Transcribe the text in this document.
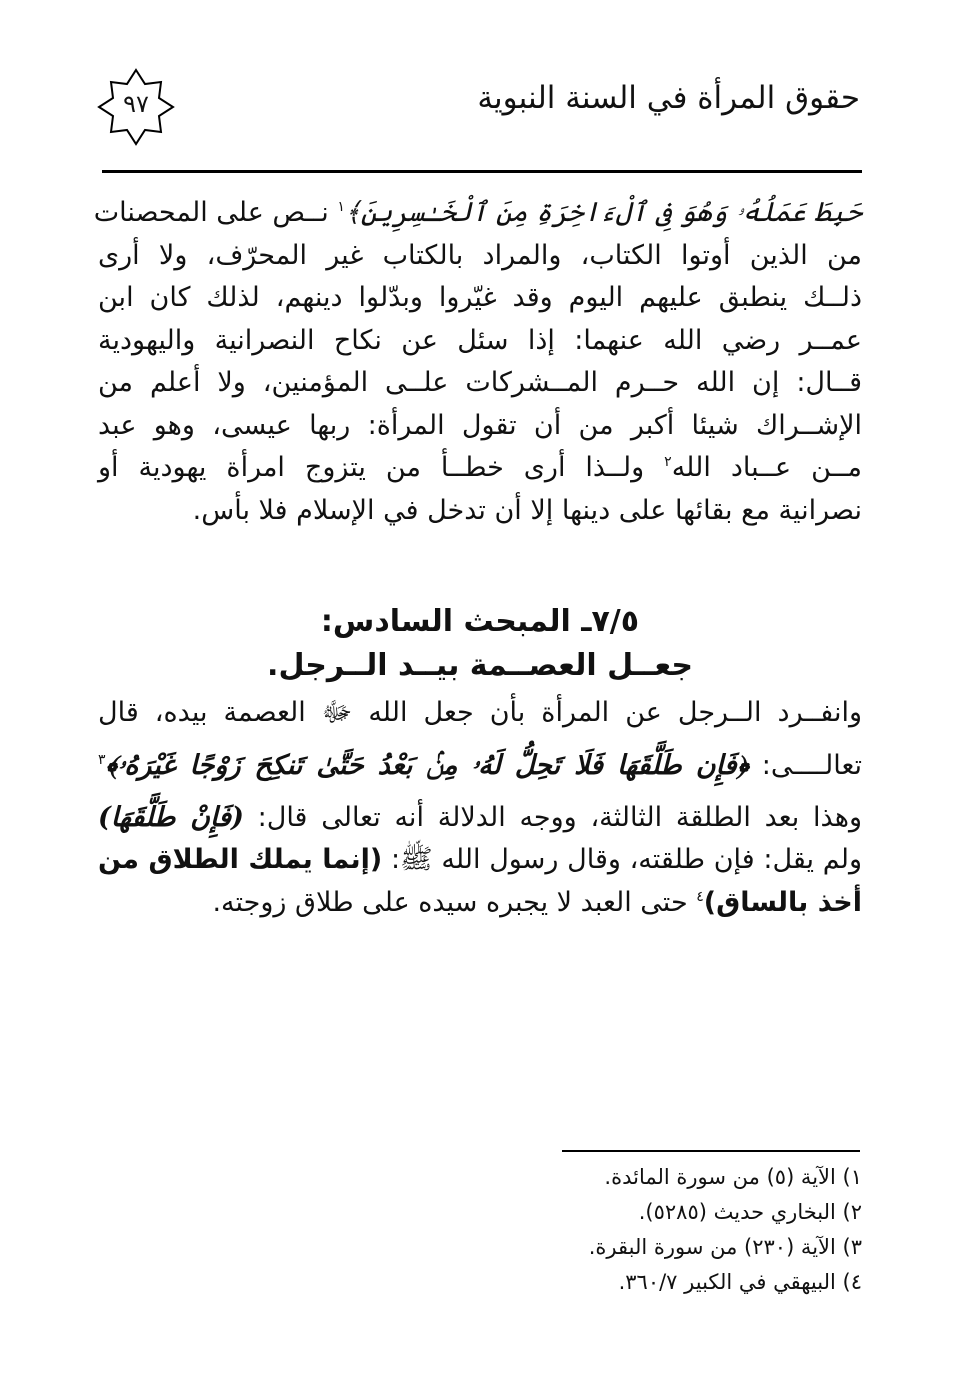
حقوق المرأة في السنة النبوية
٩٧
حَبِطَ عَمَلُهُۥ وَهُوَ فِى ٱلْءَاخِرَةِ مِنَ ٱلْخَـٰسِرِينَ﴾$^١$ نــص على المحصنات
من الذين أوتوا الكتاب، والمراد بالكتاب غير المحرّف، ولا أرى
ذلــك ينطبق عليهم اليوم وقد غيّروا وبدّلوا دينهم، لذلك كان ابن
عمــر رضي الله عنهما: إذا سئل عن نكاح النصرانية واليهودية
قــال: إن الله حــرم المــشركات علــى المؤمنين، ولا أعلم من
الإشــراك شيئا أكبر من أن تقول المرأة: ربها عيسى، وهو عبد
مــن عــباد الله$^٢$ ولــذا أرى خطــأ من يتزوج امرأة يهودية أو
نصرانية مع بقائها على دينها إلا أن تدخل في الإسلام فلا بأس.
٧/٥ـ المبحث السادس:
جعــل العصــمة بيــد الــرجل.
وانفــرد الــرجل عن المرأة بأن جعل الله ﷻ العصمة بيده، قال
تعالــــى: ﴿فَإِن طَلَّقَهَا فَلَا تَحِلُّ لَهُۥ مِنۢ بَعْدُ حَتَّىٰ تَنكِحَ زَوْجًا غَيْرَهُۥ﴾$^٣$
وهذا بعد الطلقة الثالثة، ووجه الدلالة أنه تعالى قال: (فَإِنْ طَلَّقَهَا)
ولم يقل: فإن طلقته، وقال رسول الله ﷺ: (إنما يملك الطلاق من
أخذ بالساق)$^٤$ حتى العبد لا يجبره سيده على طلاق زوجته.
١) الآية (٥) من سورة المائدة.
٢) البخاري حديث (٥٢٨٥).
٣) الآية (٢٣٠) من سورة البقرة.
٤) البيهقي في الكبير ٣٦٠/٧.
